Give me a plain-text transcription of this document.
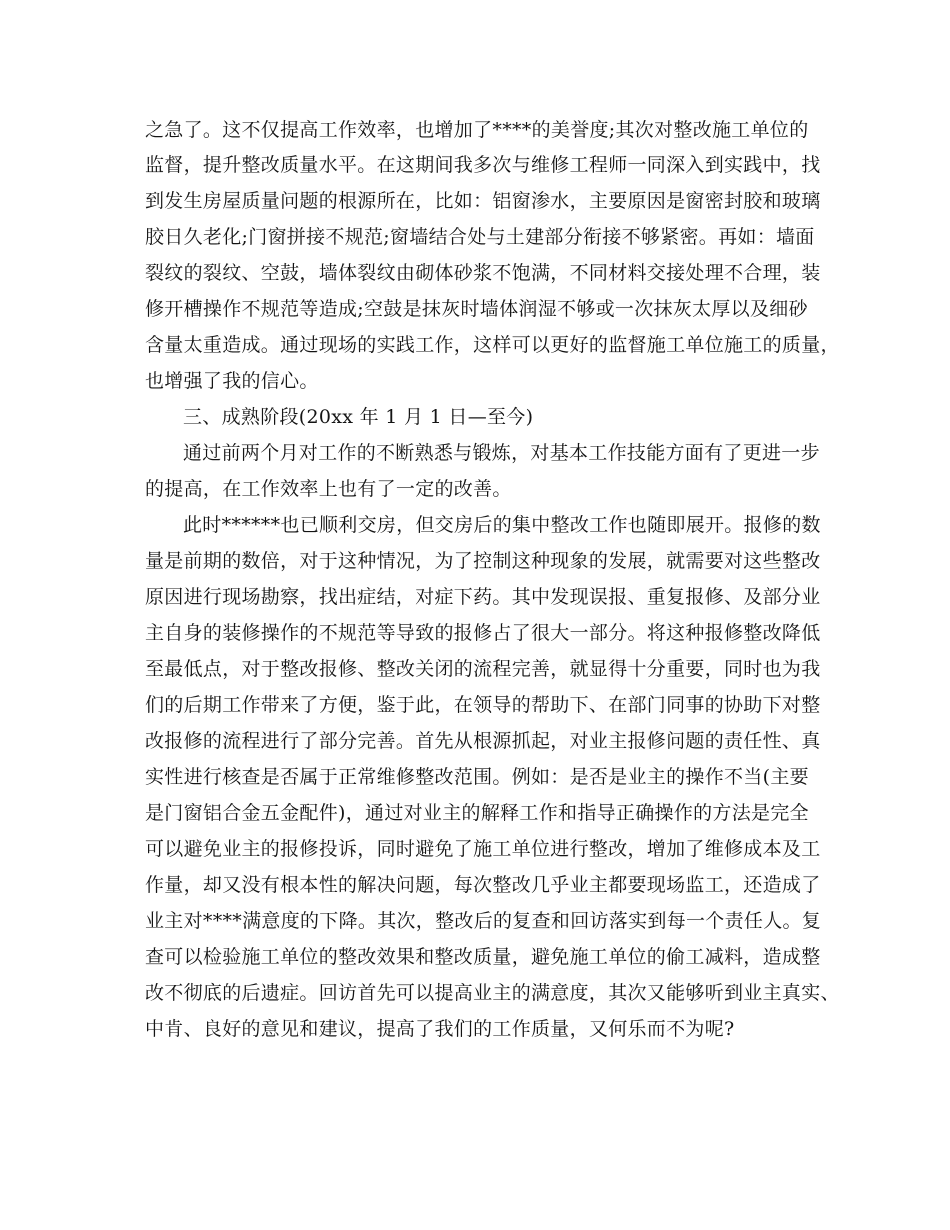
之急了。这不仅提高工作效率，也增加了****的美誉度;其次对整改施工单位的
监督，提升整改质量水平。在这期间我多次与维修工程师一同深入到实践中，找
到发生房屋质量问题的根源所在，比如：铝窗渗水，主要原因是窗密封胶和玻璃
胶日久老化;门窗拼接不规范;窗墙结合处与土建部分衔接不够紧密。再如：墙面
裂纹的裂纹、空鼓，墙体裂纹由砌体砂浆不饱满，不同材料交接处理不合理，装
修开槽操作不规范等造成;空鼓是抹灰时墙体润湿不够或一次抹灰太厚以及细砂
含量太重造成。通过现场的实践工作，这样可以更好的监督施工单位施工的质量，
也增强了我的信心。
三、成熟阶段(20xx 年 1 月 1 日—至今)
通过前两个月对工作的不断熟悉与锻炼，对基本工作技能方面有了更进一步
的提高，在工作效率上也有了一定的改善。
此时******也已顺利交房，但交房后的集中整改工作也随即展开。报修的数
量是前期的数倍，对于这种情况，为了控制这种现象的发展，就需要对这些整改
原因进行现场勘察，找出症结，对症下药。其中发现误报、重复报修、及部分业
主自身的装修操作的不规范等导致的报修占了很大一部分。将这种报修整改降低
至最低点，对于整改报修、整改关闭的流程完善，就显得十分重要，同时也为我
们的后期工作带来了方便，鉴于此，在领导的帮助下、在部门同事的协助下对整
改报修的流程进行了部分完善。首先从根源抓起，对业主报修问题的责任性、真
实性进行核查是否属于正常维修整改范围。例如：是否是业主的操作不当(主要
是门窗铝合金五金配件)，通过对业主的解释工作和指导正确操作的方法是完全
可以避免业主的报修投诉，同时避免了施工单位进行整改，增加了维修成本及工
作量，却又没有根本性的解决问题，每次整改几乎业主都要现场监工，还造成了
业主对****满意度的下降。其次，整改后的复查和回访落实到每一个责任人。复
查可以检验施工单位的整改效果和整改质量，避免施工单位的偷工减料，造成整
改不彻底的后遗症。回访首先可以提高业主的满意度，其次又能够听到业主真实、
中肯、良好的意见和建议，提高了我们的工作质量，又何乐而不为呢?
